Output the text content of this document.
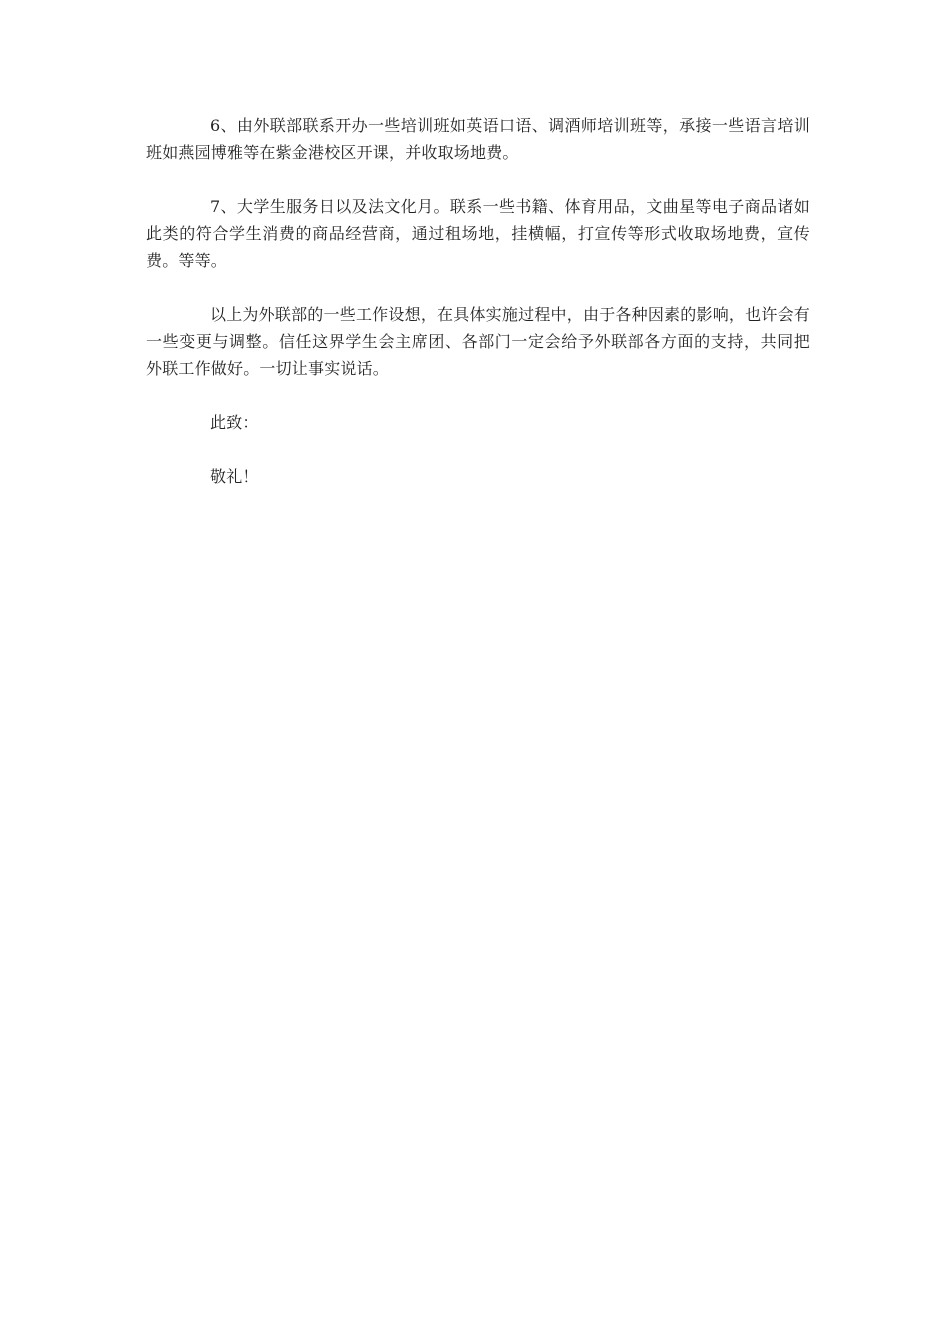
6、由外联部联系开办一些培训班如英语口语、调酒师培训班等，承接一些语言培训班如燕园博雅等在紫金港校区开课，并收取场地费。

7、大学生服务日以及法文化月。联系一些书籍、体育用品，文曲星等电子商品诸如此类的符合学生消费的商品经营商，通过租场地，挂横幅，打宣传等形式收取场地费，宣传费。等等。

以上为外联部的一些工作设想，在具体实施过程中，由于各种因素的影响，也许会有一些变更与调整。信任这界学生会主席团、各部门一定会给予外联部各方面的支持，共同把外联工作做好。一切让事实说话。

此致：

敬礼！
